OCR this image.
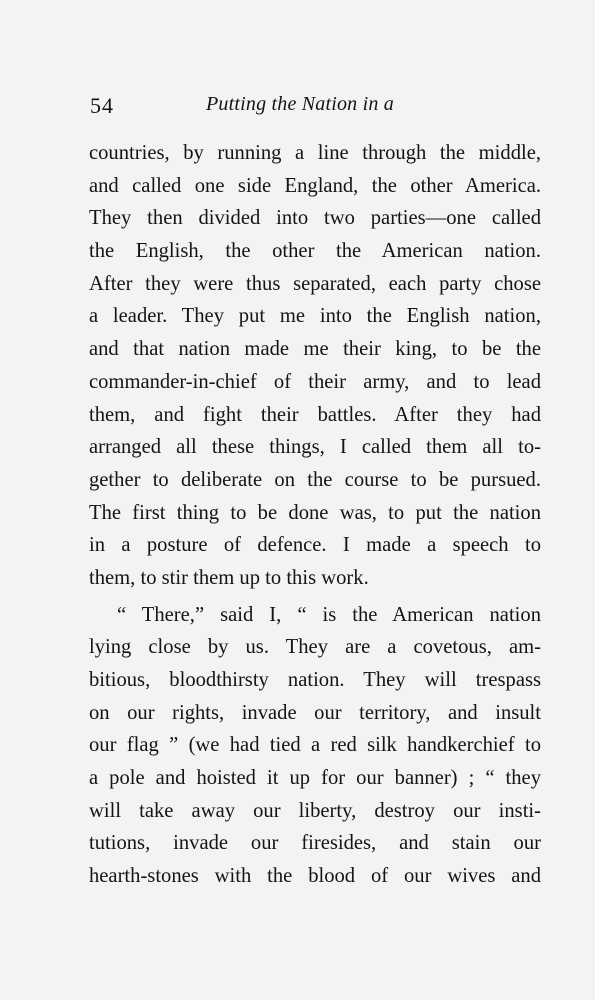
54	Putting the Nation in a
countries, by running a line through the middle,
and called one side England, the other America.
They then divided into two parties—one called
the English, the other the American nation.
After they were thus separated, each party chose
a leader. They put me into the English nation,
and that nation made me their king, to be the
commander-in-chief of their army, and to lead
them, and fight their battles. After they had
arranged all these things, I called them all to-
gether to deliberate on the course to be pursued.
The first thing to be done was, to put the nation
in a posture of defence. I made a speech to
them, to stir them up to this work.
“ There,” said I, “ is the American nation
lying close by us. They are a covetous, am-
bitious, bloodthirsty nation. They will trespass
on our rights, invade our territory, and insult
our flag ” (we had tied a red silk handkerchief to
a pole and hoisted it up for our banner) ; “ they
will take away our liberty, destroy our insti-
tutions, invade our firesides, and stain our
hearth-stones with the blood of our wives and
